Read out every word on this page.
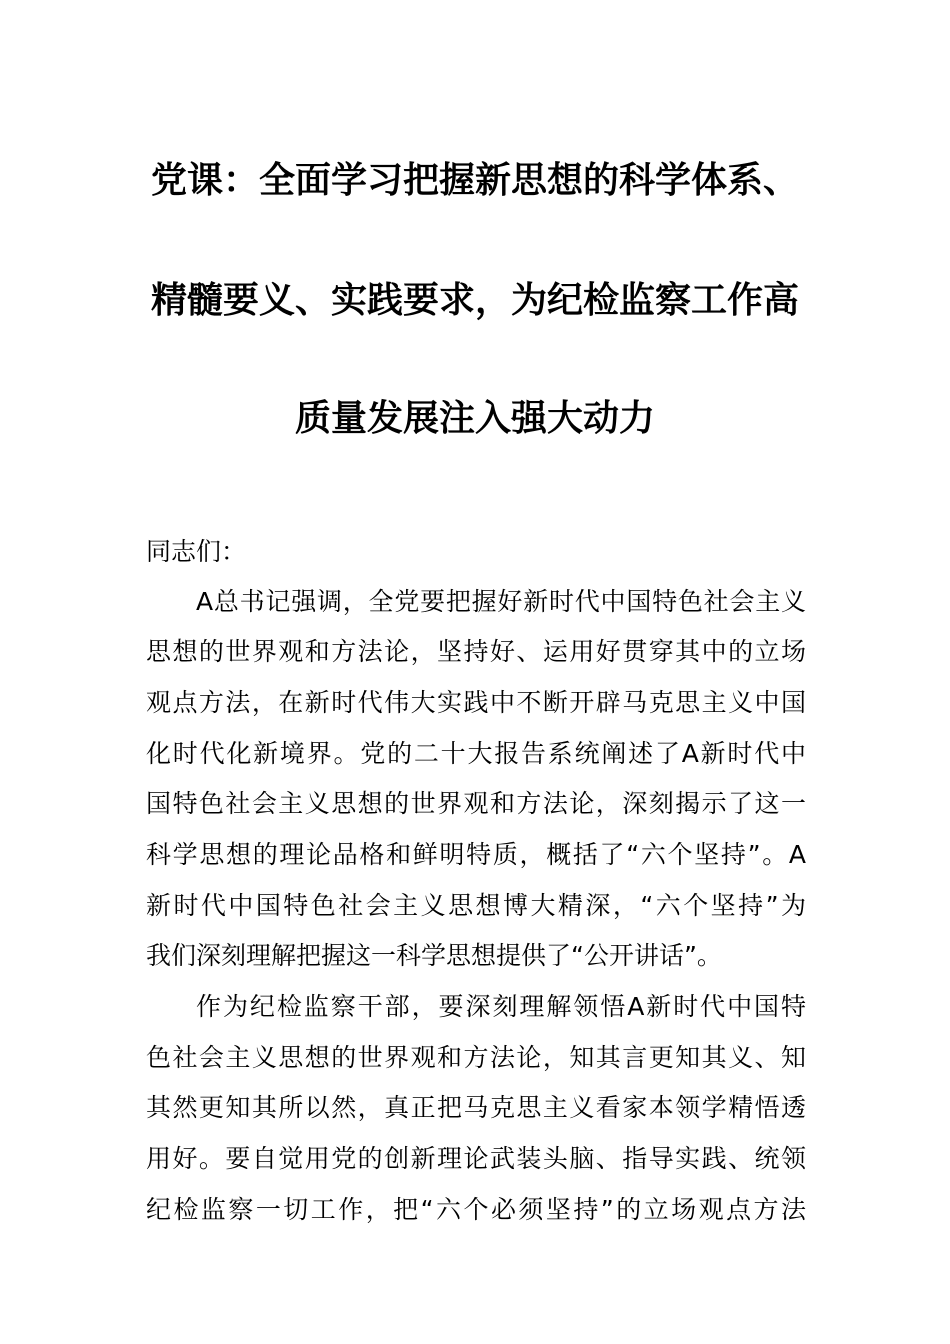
党课：全面学习把握新思想的科学体系、
精髓要义、实践要求，为纪检监察工作高
质量发展注入强大动力
同志们：
A总书记强调，全党要把握好新时代中国特色社会主义
思想的世界观和方法论，坚持好、运用好贯穿其中的立场
观点方法，在新时代伟大实践中不断开辟马克思主义中国
化时代化新境界。党的二十大报告系统阐述了A新时代中
国特色社会主义思想的世界观和方法论，深刻揭示了这一
科学思想的理论品格和鲜明特质，概括了“六个坚持”。A
新时代中国特色社会主义思想博大精深，“六个坚持”为
我们深刻理解把握这一科学思想提供了“公开讲话”。
作为纪检监察干部，要深刻理解领悟A新时代中国特
色社会主义思想的世界观和方法论，知其言更知其义、知
其然更知其所以然，真正把马克思主义看家本领学精悟透
用好。要自觉用党的创新理论武装头脑、指导实践、统领
纪检监察一切工作，把“六个必须坚持”的立场观点方法
